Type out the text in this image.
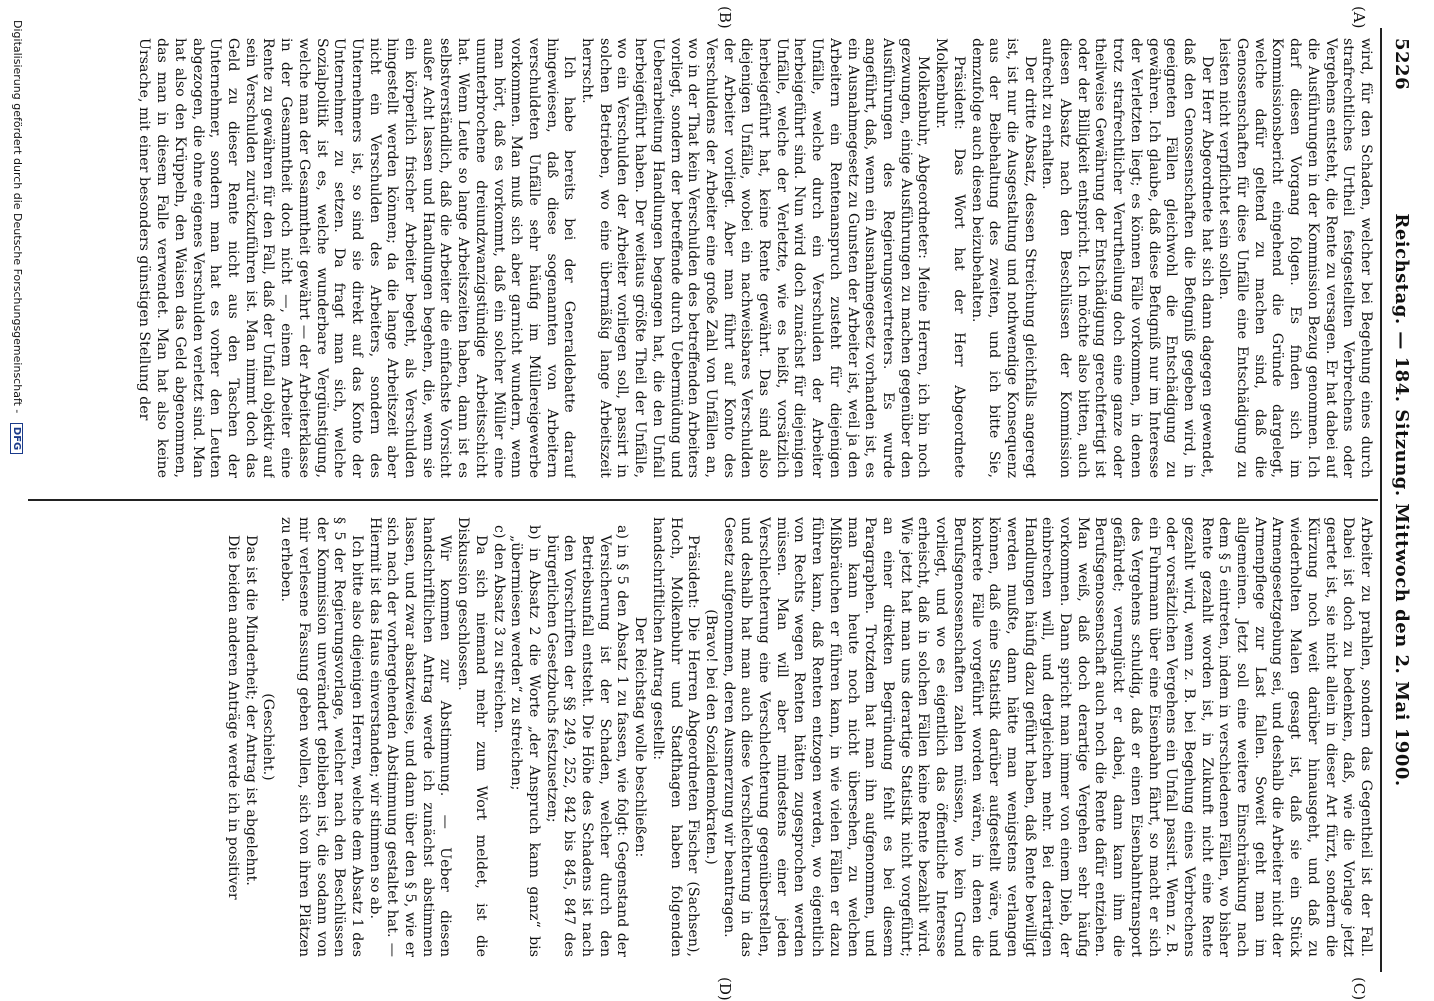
5226
Reichstag. — 184. Sitzung. Mittwoch den 2. Mai 1900.
(A)
(B)
(C)
(D)

wird, für den Schaden, welcher bei Begehung eines durch strafrechtliches Urtheil festgestellten Verbrechens oder Vergehens entsteht, die Rente zu versagen. Er hat dabei auf die Ausführungen in der Kommission Bezug genommen. Ich darf diesen Vorgang folgen. Es finden sich im Kommissionsbericht eingehend die Gründe dargelegt, welche dafür geltend zu machen sind, daß die Genossenschaften für diese Unfälle eine Entschädigung zu leisten nicht verpflichtet sein sollen.

Der Herr Abgeordnete hat sich dann dagegen gewendet, daß den Genossenschaften die Befugniß gegeben wird, in geeigneten Fällen gleichwohl die Entschädigung zu gewähren. Ich glaube, daß diese Befugniß nur im Interesse der Verletzten liegt; es können Fälle vorkommen, in denen trotz strafrechtlicher Verurtheilung doch eine ganze oder theilweise Gewährung der Entschädigung gerechtfertigt ist oder der Billigkeit entspricht. Ich möchte also bitten, auch diesen Absatz nach den Beschlüssen der Kommission aufrecht zu erhalten.

Der dritte Absatz, dessen Streichung gleichfalls angeregt ist, ist nur die Ausgestaltung und nothwendige Konsequenz aus der Beibehaltung des zweiten, und ich bitte Sie, demzufolge auch diesen beizubehalten.

Präsident: Das Wort hat der Herr Abgeordnete Molkenbuhr.

Molkenbuhr, Abgeordneter: Meine Herren, ich bin noch gezwungen, einige Ausführungen zu machen gegenüber den Ausführungen des Regierungsvertreters. Es wurde angeführt, daß, wenn ein Ausnahmegesetz vorhanden ist, es ein Ausnahmegesetz zu Gunsten der Arbeiter ist, weil ja den Arbeitern ein Rentenanspruch zusteht für diejenigen Unfälle, welche durch ein Verschulden der Arbeiter herbeigeführt sind. Nun wird doch zunächst für diejenigen Unfälle, welche der Verletzte, wie es heißt, vorsätzlich herbeigeführt hat, keine Rente gewährt. Das sind also diejenigen Unfälle, wobei ein nachweisbares Verschulden der Arbeiter vorliegt. Aber man führt auf Konto des Verschuldens der Arbeiter eine große Zahl von Unfällen an, wo in der That kein Verschulden des betreffenden Arbeiters vorliegt, sondern der betreffende durch Uebermüdung und Ueberarbeitung Handlungen begangen hat, die den Unfall herbeigeführt haben. Der weitaus größte Theil der Unfälle, wo ein Verschulden der Arbeiter vorliegen soll, passirt in solchen Betrieben, wo eine übermäßig lange Arbeitszeit herrscht.

Ich habe bereits bei der Generaldebatte darauf hingewiesen, daß diese sogenannten von Arbeitern verschuldeten Unfälle sehr häufig im Müllereigewerbe vorkommen. Man muß sich aber garnicht wundern, wenn man hört, daß es vorkommt, daß ein solcher Müller eine ununterbrochene dreiundzwanzigstündige Arbeitsschicht hat. Wenn Leute so lange Arbeitszeiten haben, dann ist es selbstverständlich, daß die Arbeiter die einfachste Vorsicht außer Acht lassen und Handlungen begehen, die, wenn sie ein körperlich frischer Arbeiter begeht, als Verschulden hingestellt werden können; da die lange Arbeitszeit aber nicht ein Verschulden des Arbeiters, sondern des Unternehmers ist, so sind sie direkt auf das Konto der Unternehmer zu setzen. Da fragt man sich, welche Sozialpolitik ist es, welche wunderbare Vergünstigung, welche man der Gesammtheit gewährt — der Arbeiterklasse in der Gesammtheit doch nicht —, einem Arbeiter eine Rente zu gewähren für den Fall, daß der Unfall objektiv auf sein Verschulden zurückzuführen ist. Man nimmt doch das Geld zu dieser Rente nicht aus den Taschen der Unternehmer, sondern man hat es vorher den Leuten abgezogen, die ohne eigenes Verschulden verletzt sind. Man hat also den Krüppeln, den Waisen das Geld abgenommen, das man in diesem Falle verwendet. Man hat also keine Ursache, mit einer besonders günstigen Stellung der

Arbeiter zu prahlen, sondern das Gegentheil ist der Fall. Dabei ist doch zu bedenken, daß, wie die Vorlage jetzt geartet ist, sie nicht allein in dieser Art fürzt, sondern die Kürzung noch weit darüber hinausgeht, und daß zu wiederholten Malen gesagt ist, daß sie ein Stück Armengesetzgebung sei, und deshalb die Arbeiter nicht der Armenpflege zur Last fallen. Soweit geht man im allgemeinen. Jetzt soll eine weitere Einschränkung nach dem § 5 eintreten, indem in verschiedenen Fällen, wo bisher Rente gezahlt worden ist, in Zukunft nicht eine Rente gezahlt wird, wenn z. B. bei Begehung eines Verbrechens oder vorsätzlichen Vergehens ein Unfall passirt. Wenn z. B. ein Fuhrmann über eine Eisenbahn fährt, so macht er sich des Vergehens schuldig, daß er einen Eisenbahntransport gefährdet; verunglückt er dabei, dann kann ihm die Berufsgenossenschaft auch noch die Rente dafür entziehen. Man weiß, daß doch derartige Vergehen sehr häufig vorkommen. Dann spricht man immer von einem Dieb, der einbrechen will, und dergleichen mehr. Bei derartigen Handlungen häufig dazu geführt haben, daß Rente bewilligt werden mußte, dann hätte man wenigstens verlangen können, daß eine Statistik darüber aufgestellt wäre, und konkrete Fälle vorgeführt worden wären, in denen die Berufsgenossenschaften zahlen müssen, wo kein Grund vorliegt, und wo es eigentlich das öffentliche Interesse erheischt, daß in solchen Fällen keine Rente bezahlt wird. Wie jetzt hat man uns derartige Statistik nicht vorgeführt; an einer direkten Begründung fehlt es bei diesem Paragraphen. Trotzdem hat man ihn aufgenommen, und man kann heute noch nicht übersehen, zu welchen Mißbräuchen er führen kann, in wie vielen Fällen er dazu führen kann, daß Renten entzogen werden, wo eigentlich von Rechts wegen Renten hätten zugesprochen werden müssen. Man will aber mindestens einer jeden Verschlechterung eine Verschlechterung gegenüberstellen, und deshalb hat man auch diese Verschlechterung in das Gesetz aufgenommen, deren Ausmerzung wir beantragen.

(Bravo! bei den Sozialdemokraten.)

Präsident: Die Herren Abgeordneten Fischer (Sachsen), Hoch, Molkenbuhr und Stadthagen haben folgenden handschriftlichen Antrag gestellt:

Der Reichstag wolle beschließen:

a) in § 5 den Absatz 1 zu fassen, wie folgt: Gegenstand der Versicherung ist der Schaden, welcher durch den Betriebsunfall entsteht. Die Höhe des Schadens ist nach den Vorschriften der §§ 249, 252, 842 bis 845, 847 des bürgerlichen Gesetzbuchs festzusetzen;

b) in Absatz 2 die Worte „der Anspruch kann ganz“ bis „übermiesen werden“ zu streichen;

c) den Absatz 3 zu streichen.

Da sich niemand mehr zum Wort meldet, ist die Diskussion geschlossen.

Wir kommen zur Abstimmung. — Ueber diesen handschriftlichen Antrag werde ich zunächst abstimmen lassen, und zwar absatzweise, und dann über den § 5, wie er sich nach der vorhergehenden Abstimmung gestaltet hat. — Hiermit ist das Haus einverstanden; wir stimmen so ab.

Ich bitte also diejenigen Herren, welche dem Absatz 1 des § 5 der Regierungsvorlage, welcher nach den Beschlüssen der Kommission unverändert geblieben ist, die sodann von mir verlesene Fassung geben wollen, sich von ihren Plätzen zu erheben.

(Geschieht.)

Das ist die Minderheit; der Antrag ist abgelehnt.

Die beiden anderen Anträge werde ich in positiver

Digitalisierung gefördert durch die Deutsche Forschungsgemeinschaft - DFG
